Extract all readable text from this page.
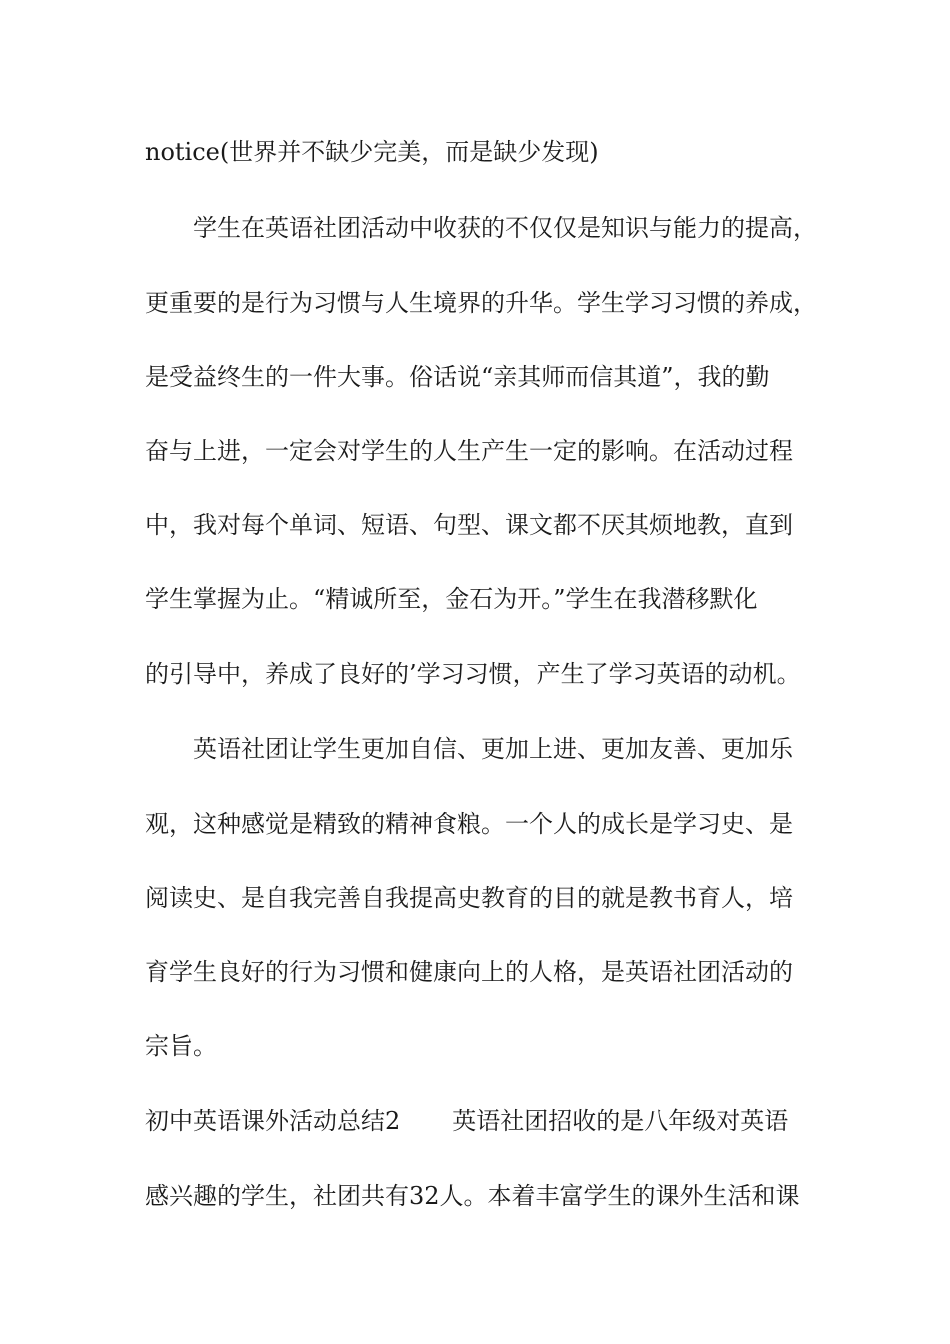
notice(世界并不缺少完美，而是缺少发现)
学生在英语社团活动中收获的不仅仅是知识与能力的提高，
更重要的是行为习惯与人生境界的升华。学生学习习惯的养成，
是受益终生的一件大事。俗话说“亲其师而信其道”，我的勤
奋与上进，一定会对学生的人生产生一定的影响。在活动过程
中，我对每个单词、短语、句型、课文都不厌其烦地教，直到
学生掌握为止。“精诚所至，金石为开。”学生在我潜移默化
的引导中，养成了良好的’学习习惯，产生了学习英语的动机。
英语社团让学生更加自信、更加上进、更加友善、更加乐
观，这种感觉是精致的精神食粮。一个人的成长是学习史、是
阅读史、是自我完善自我提高史教育的目的就是教书育人，培
育学生良好的行为习惯和健康向上的人格，是英语社团活动的
宗旨。
初中英语课外活动总结2 英语社团招收的是八年级对英语
感兴趣的学生，社团共有32人。本着丰富学生的课外生活和课
